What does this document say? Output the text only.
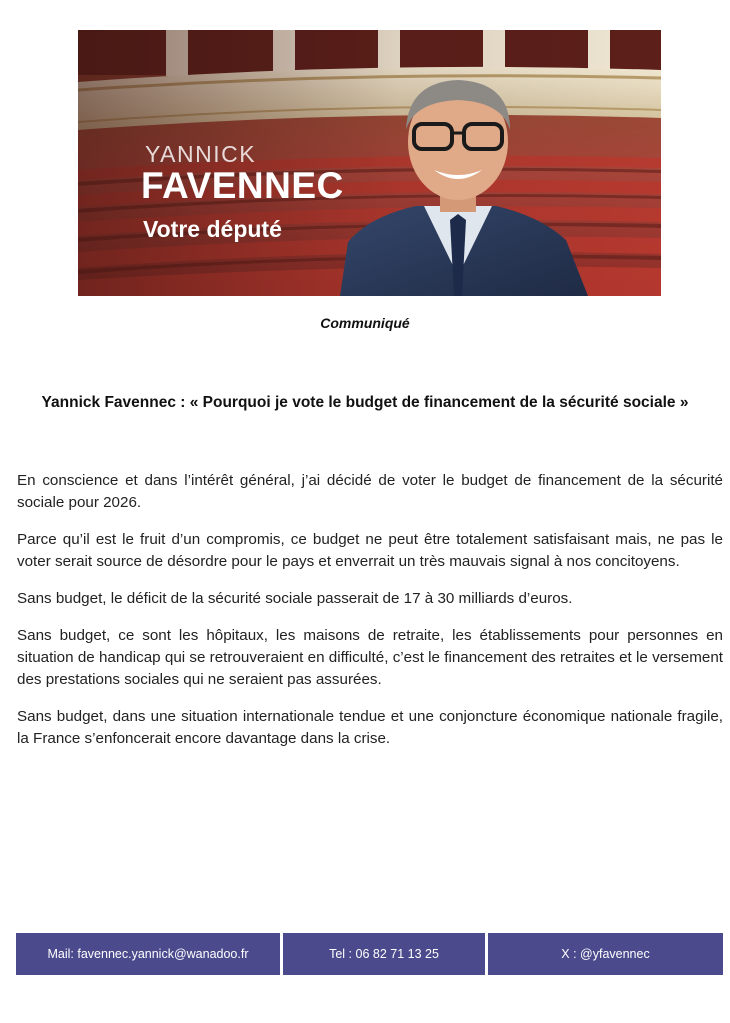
YANNICK
FAVENNEC
Votre député
Communiqué
Yannick Favennec : « Pourquoi je vote le budget de financement de la sécurité sociale »

En conscience et dans l’intérêt général, j’ai décidé de voter le budget de financement de la sécurité sociale pour 2026.

Parce qu’il est le fruit d’un compromis, ce budget ne peut être totalement satisfaisant mais, ne pas le voter serait source de désordre pour le pays et enverrait un très mauvais signal à nos concitoyens.

Sans budget, le déficit de la sécurité sociale passerait de 17 à 30 milliards d’euros.

Sans budget, ce sont les hôpitaux, les maisons de retraite, les établissements pour personnes en situation de handicap qui se retrouveraient en difficulté, c’est le financement des retraites et le versement des prestations sociales qui ne seraient pas assurées.

Sans budget, dans une situation internationale tendue et une conjoncture économique nationale fragile, la France s’enfoncerait encore davantage dans la crise.

Mail: favennec.yannick@wanadoo.fr	Tel : 06 82 71 13 25	X : @yfavennec
